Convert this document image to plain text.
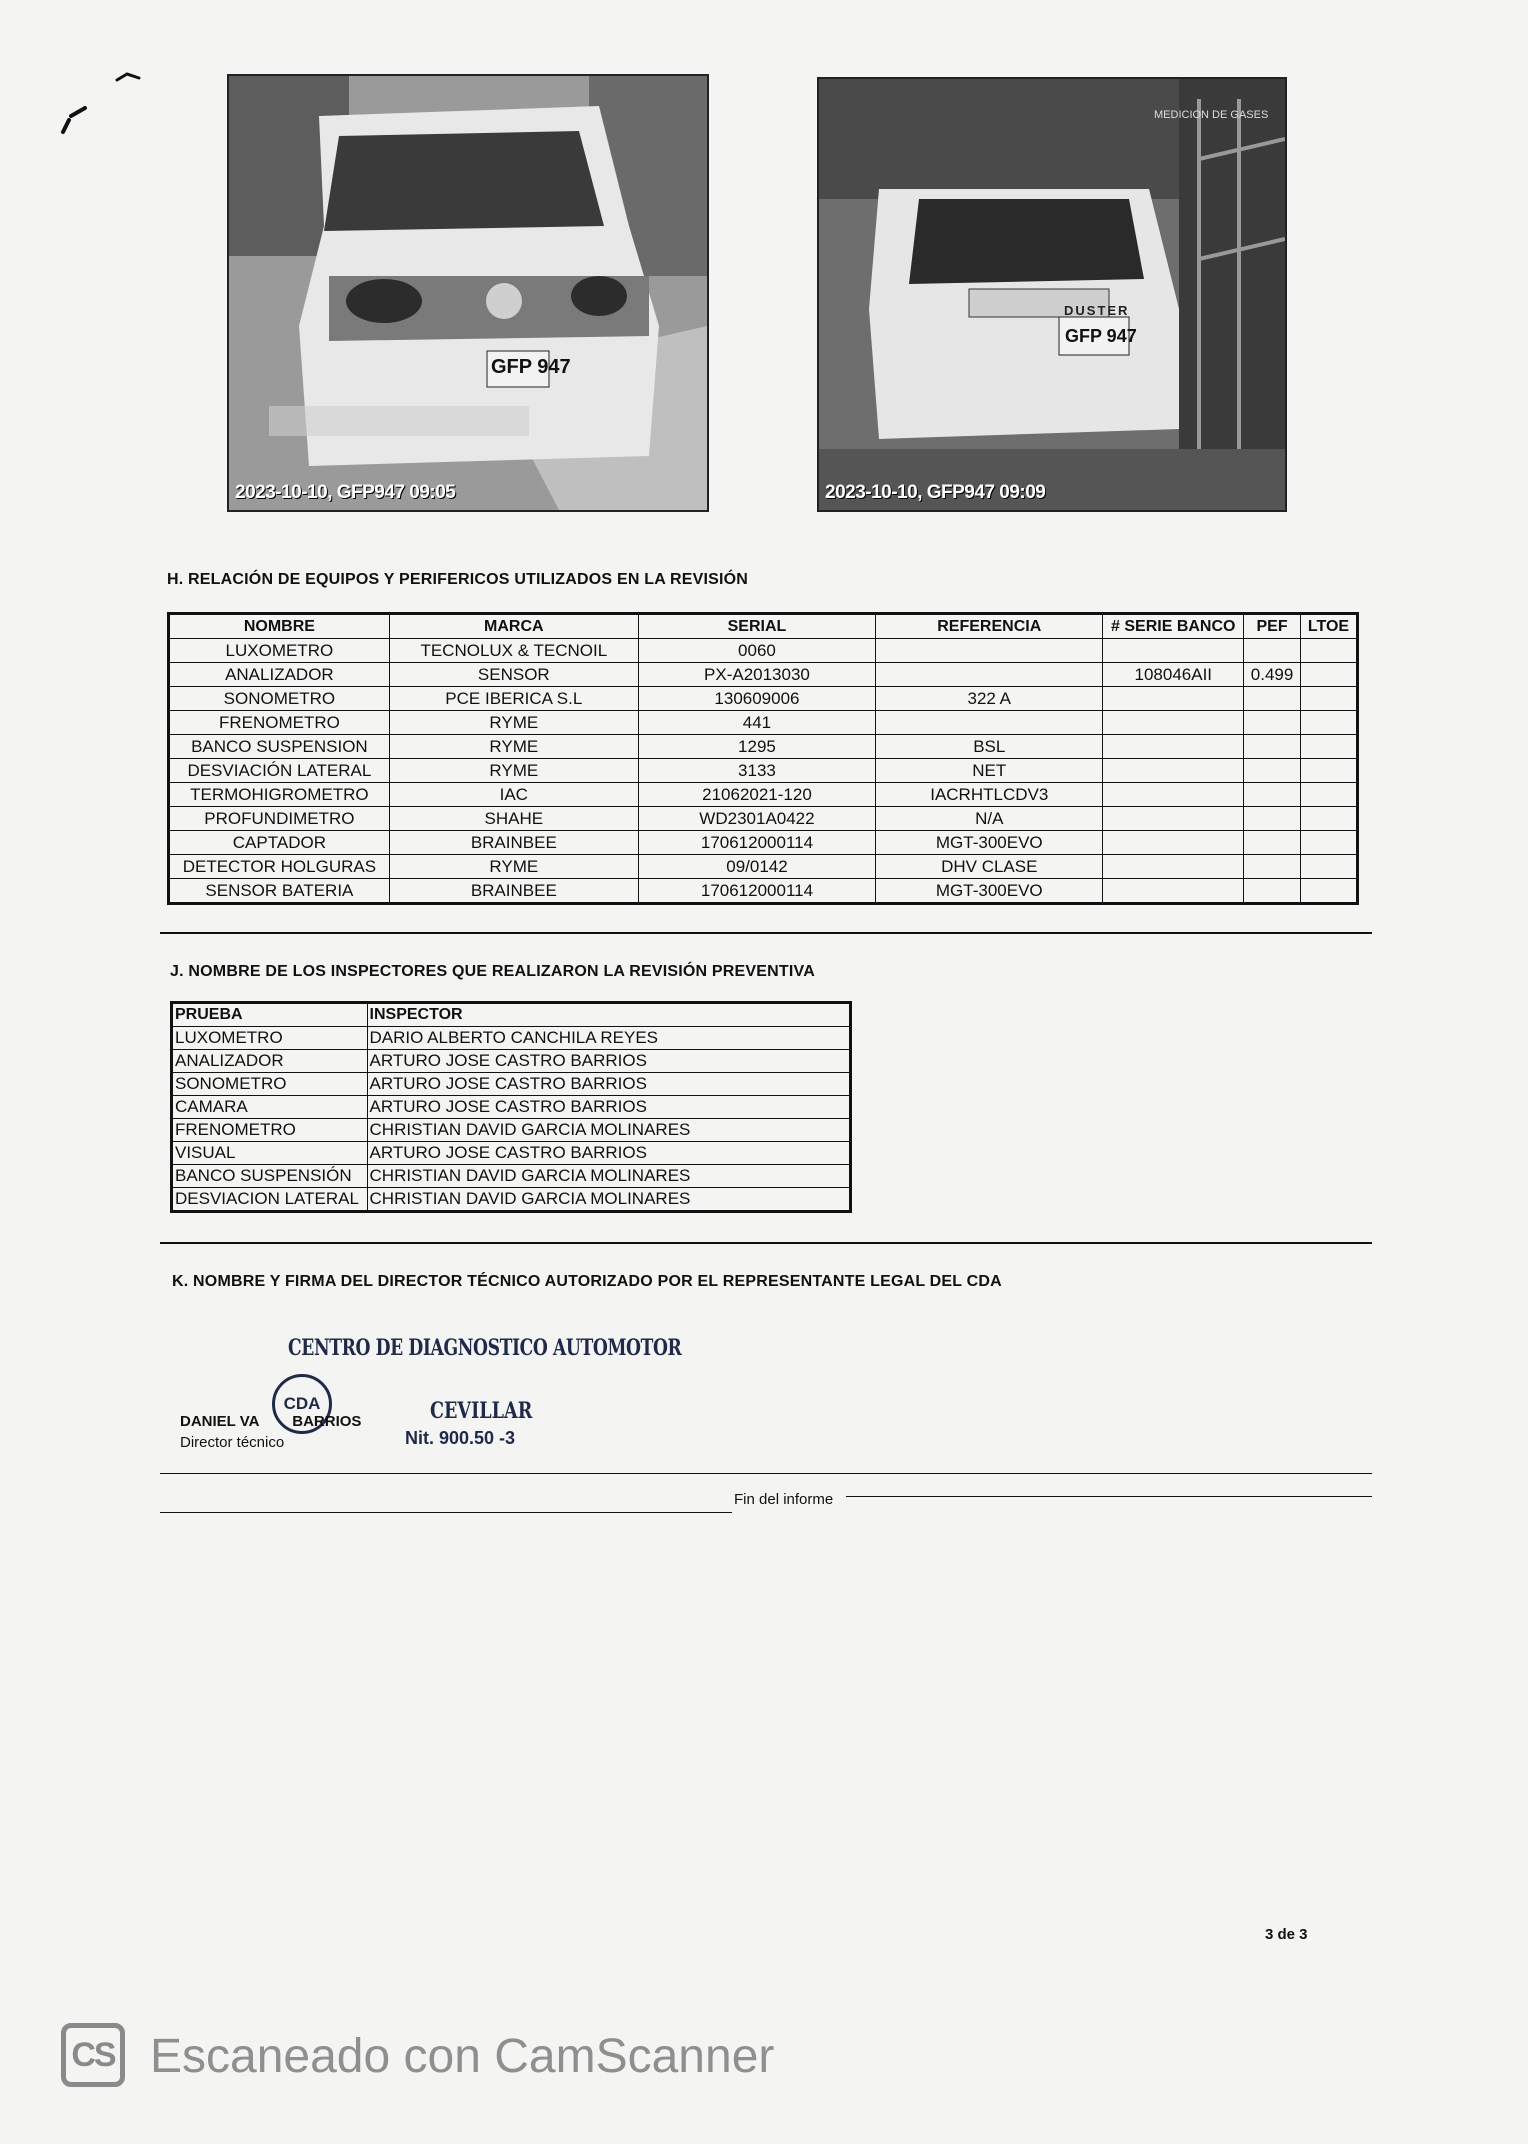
GFP 947
2023-10-10, GFP947 09:05
MEDICION DE GASES
DUSTER
GFP 947
2023-10-10, GFP947 09:09
H. RELACIÓN DE EQUIPOS Y PERIFERICOS UTILIZADOS EN LA REVISIÓN
NOMBRE	MARCA	SERIAL	REFERENCIA	# SERIE BANCO	PEF	LTOE
LUXOMETRO	TECNOLUX & TECNOIL	0060				
ANALIZADOR	SENSOR	PX-A2013030		108046AII	0.499	
SONOMETRO	PCE IBERICA S.L	130609006	322 A			
FRENOMETRO	RYME	441				
BANCO SUSPENSION	RYME	1295	BSL			
DESVIACIÓN LATERAL	RYME	3133	NET			
TERMOHIGROMETRO	IAC	21062021-120	IACRHTLCDV3			
PROFUNDIMETRO	SHAHE	WD2301A0422	N/A			
CAPTADOR	BRAINBEE	170612000114	MGT-300EVO			
DETECTOR HOLGURAS	RYME	09/0142	DHV CLASE			
SENSOR BATERIA	BRAINBEE	170612000114	MGT-300EVO			
J. NOMBRE DE LOS INSPECTORES QUE REALIZARON LA REVISIÓN PREVENTIVA
PRUEBA	INSPECTOR
LUXOMETRO	DARIO ALBERTO CANCHILA REYES
ANALIZADOR	ARTURO JOSE CASTRO BARRIOS
SONOMETRO	ARTURO JOSE CASTRO BARRIOS
CAMARA	ARTURO JOSE CASTRO BARRIOS
FRENOMETRO	CHRISTIAN DAVID GARCIA MOLINARES
VISUAL	ARTURO JOSE CASTRO BARRIOS
BANCO SUSPENSIÓN	CHRISTIAN DAVID GARCIA MOLINARES
DESVIACION LATERAL	CHRISTIAN DAVID GARCIA MOLINARES
K. NOMBRE Y FIRMA DEL DIRECTOR TÉCNICO AUTORIZADO POR EL REPRESENTANTE LEGAL DEL CDA
CENTRO DE DIAGNOSTICO AUTOMOTOR
CDA	CEVILLAR
Nit. 900.50 -3
DANIEL VA        BARRIOS
Director técnico
Fin del informe
3 de 3
CS Escaneado con CamScanner
